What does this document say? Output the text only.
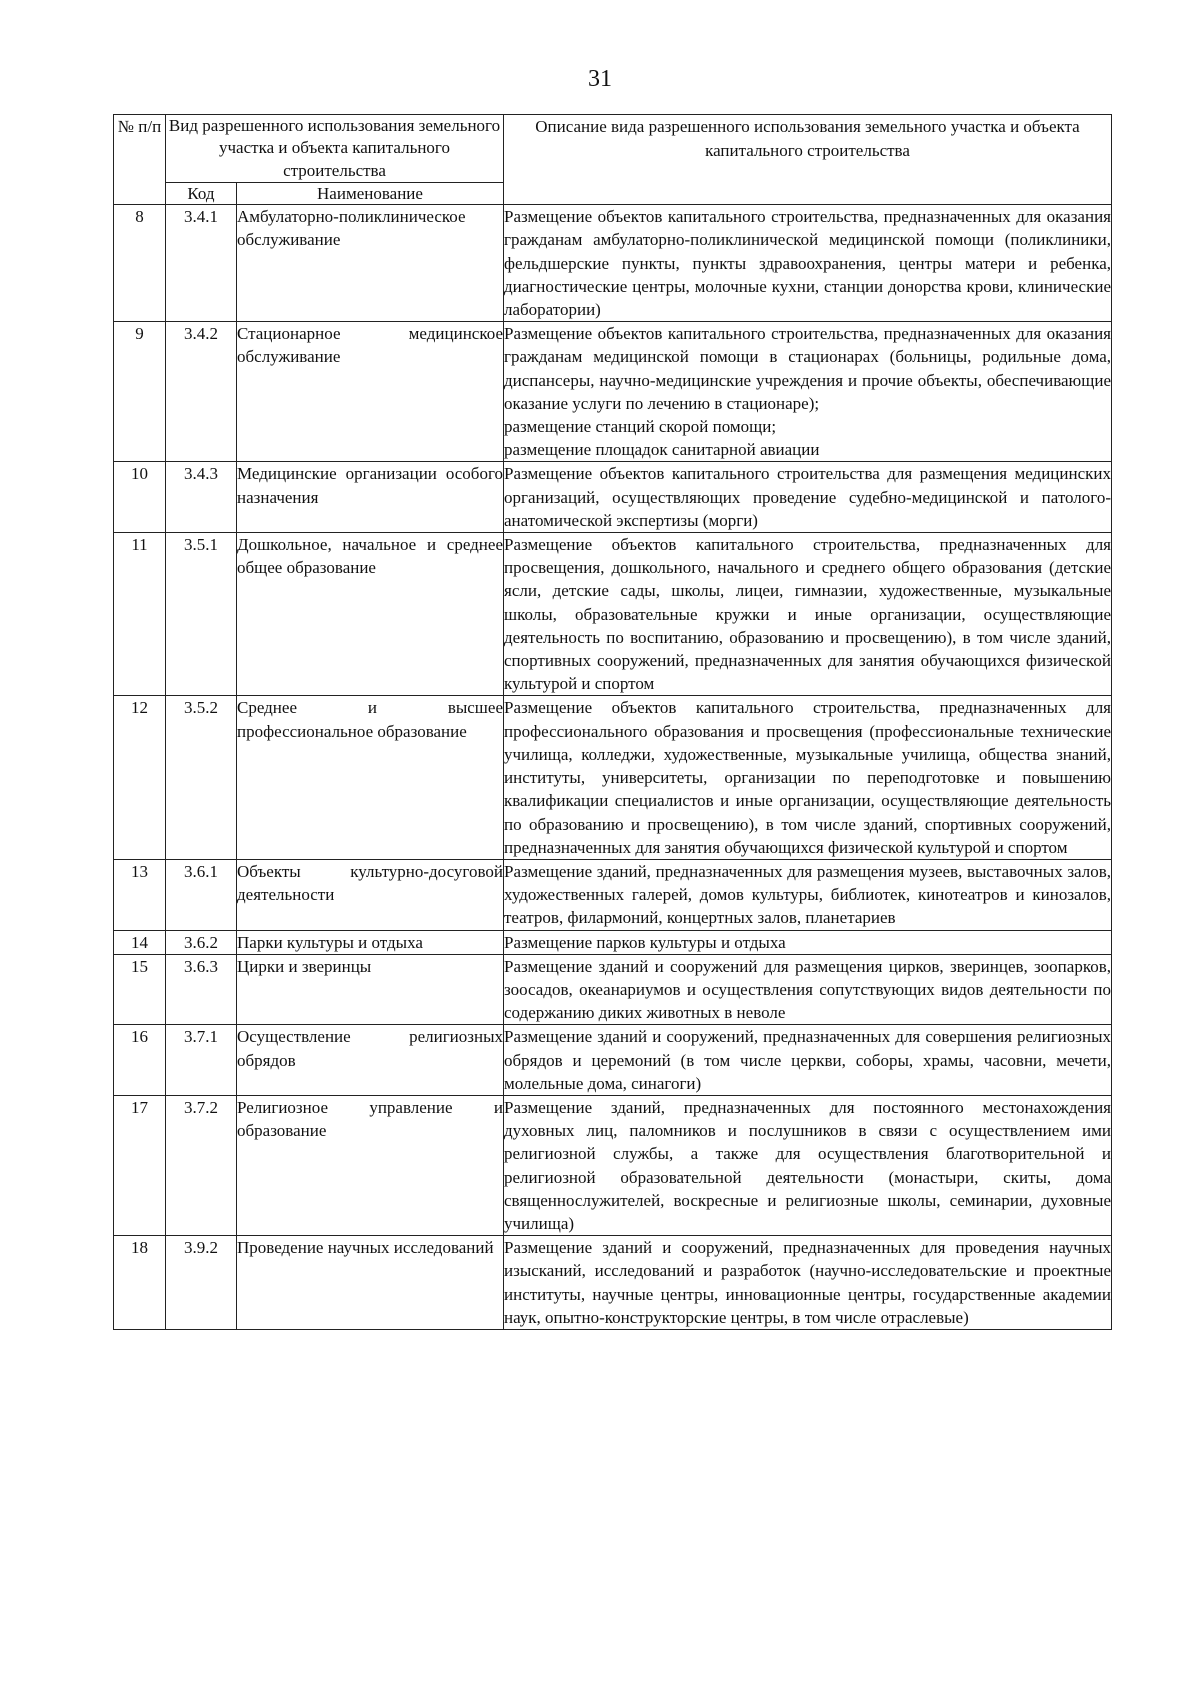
31
№ п/п	Вид разрешенного использования земельного участка и объекта капитального строительства		Описание вида разрешенного использования земельного участка и объекта капитального строительства
	Код	Наименование	
8	3.4.1	Амбулаторно-поликлиническое обслуживание	Размещение объектов капитального строительства, предназначенных для оказания гражданам амбулаторно-поликлинической медицинской помощи (поликлиники, фельдшерские пункты, пункты здравоохранения, центры матери и ребенка, диагностические центры, молочные кухни, станции донорства крови, клинические лаборатории)

9	3.4.2	Стационарное медицинское обслуживание	Размещение объектов капитального строительства, предназначенных для оказания гражданам медицинской помощи в стационарах (больницы, родильные дома, диспансеры, научно-медицинские учреждения и прочие объекты, обеспечивающие оказание услуги по лечению в стационаре);
размещение станций скорой помощи;
размещение площадок санитарной авиации

10	3.4.3	Медицинские организации особого назначения	Размещение объектов капитального строительства для размещения медицинских организаций, осуществляющих проведение судебно-медицинской и патолого-анатомической экспертизы (морги)

11	3.5.1	Дошкольное, начальное и среднее общее образование	Размещение объектов капитального строительства, предназначенных для просвещения, дошкольного, начального и среднего общего образования (детские ясли, детские сады, школы, лицеи, гимназии, художественные, музыкальные школы, образовательные кружки и иные организации, осуществляющие деятельность по воспитанию, образованию и просвещению), в том числе зданий, спортивных сооружений, предназначенных для занятия обучающихся физической культурой и спортом

12	3.5.2	Среднее и высшее профессиональное образование	Размещение объектов капитального строительства, предназначенных для профессионального образования и просвещения (профессиональные технические училища, колледжи, художественные, музыкальные училища, общества знаний, институты, университеты, организации по переподготовке и повышению квалификации специалистов и иные организации, осуществляющие деятельность по образованию и просвещению), в том числе зданий, спортивных сооружений, предназначенных для занятия обучающихся физической культурой и спортом

13	3.6.1	Объекты культурно-досуговой деятельности	Размещение зданий, предназначенных для размещения музеев, выставочных залов, художественных галерей, домов культуры, библиотек, кинотеатров и кинозалов, театров, филармоний, концертных залов, планетариев

14	3.6.2	Парки культуры и отдыха	Размещение парков культуры и отдыха

15	3.6.3	Цирки и зверинцы	Размещение зданий и сооружений для размещения цирков, зверинцев, зоопарков, зоосадов, океанариумов и осуществления сопутствующих видов деятельности по содержанию диких животных в неволе

16	3.7.1	Осуществление религиозных обрядов	Размещение зданий и сооружений, предназначенных для совершения религиозных обрядов и церемоний (в том числе церкви, соборы, храмы, часовни, мечети, молельные дома, синагоги)

17	3.7.2	Религиозное управление и образование	Размещение зданий, предназначенных для постоянного местонахождения духовных лиц, паломников и послушников в связи с осуществлением ими религиозной службы, а также для осуществления благотворительной и религиозной образовательной деятельности (монастыри, скиты, дома священнослужителей, воскресные и религиозные школы, семинарии, духовные училища)

18	3.9.2	Проведение научных исследований	Размещение зданий и сооружений, предназначенных для проведения научных изысканий, исследований и разработок (научно-исследовательские и проектные институты, научные центры, инновационные центры, государственные академии наук, опытно-конструкторские центры, в том числе отраслевые)
